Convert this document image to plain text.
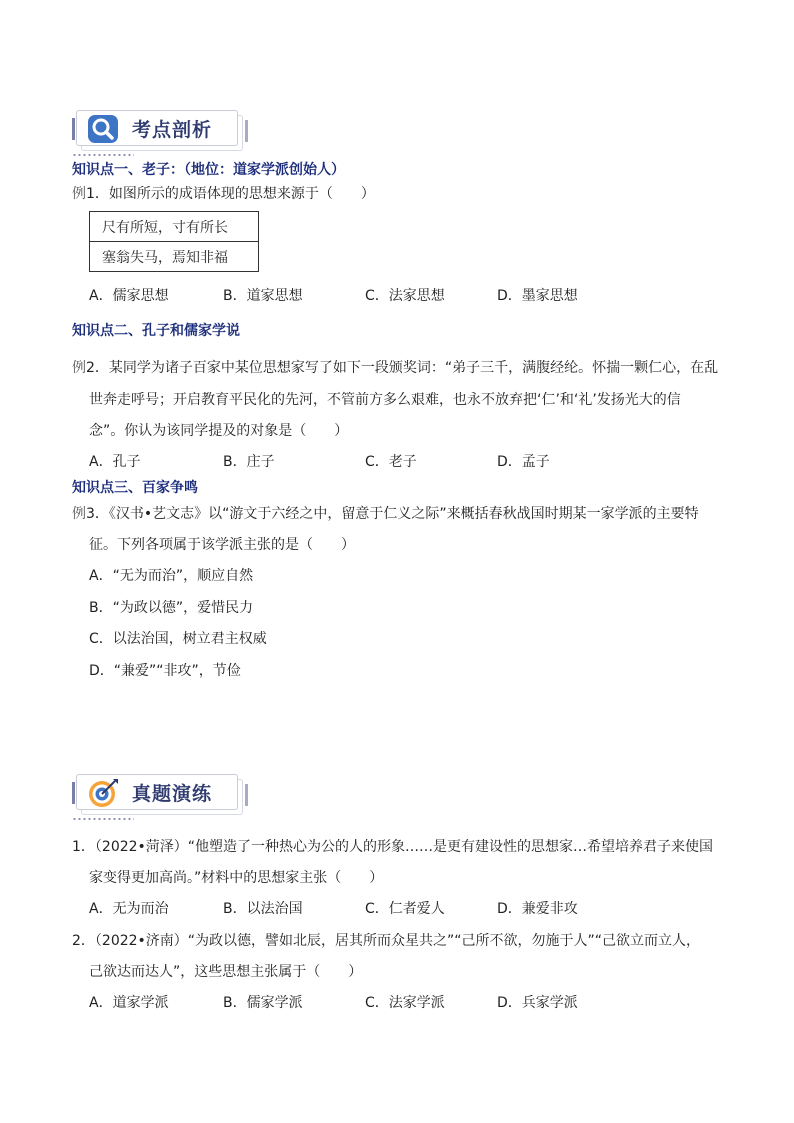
考点剖析
知识点一、老子：（地位：道家学派创始人）
例1．如图所示的成语体现的思想来源于（　　）
尺有所短，寸有所长
塞翁失马，焉知非福
A．儒家思想	B．道家思想	C．法家思想	D．墨家思想
知识点二、孔子和儒家学说
例2．某同学为诸子百家中某位思想家写了如下一段颁奖词：“弟子三千，满腹经纶。怀揣一颗仁心，在乱
世奔走呼号；开启教育平民化的先河，不管前方多么艰难，也永不放弃把‘仁’和‘礼’发扬光大的信
念”。你认为该同学提及的对象是（　　）
A．孔子	B．庄子	C．老子	D．孟子
知识点三、百家争鸣
例3．《汉书•艺文志》以“游文于六经之中，留意于仁义之际”来概括春秋战国时期某一家学派的主要特
征。下列各项属于该学派主张的是（　　）
A．“无为而治”，顺应自然
B．“为政以德”，爱惜民力
C．以法治国，树立君主权威
D．“兼爱”“非攻”，节俭
真题演练
1．（2022•菏泽）“他塑造了一种热心为公的人的形象……是更有建设性的思想家…希望培养君子来使国
家变得更加高尚。”材料中的思想家主张（　　）
A．无为而治	B．以法治国	C．仁者爱人	D．兼爱非攻
2．（2022•济南）“为政以德，譬如北辰，居其所而众星共之”“己所不欲，勿施于人”“己欲立而立人，
己欲达而达人”，这些思想主张属于（　　）
A．道家学派	B．儒家学派	C．法家学派	D．兵家学派
